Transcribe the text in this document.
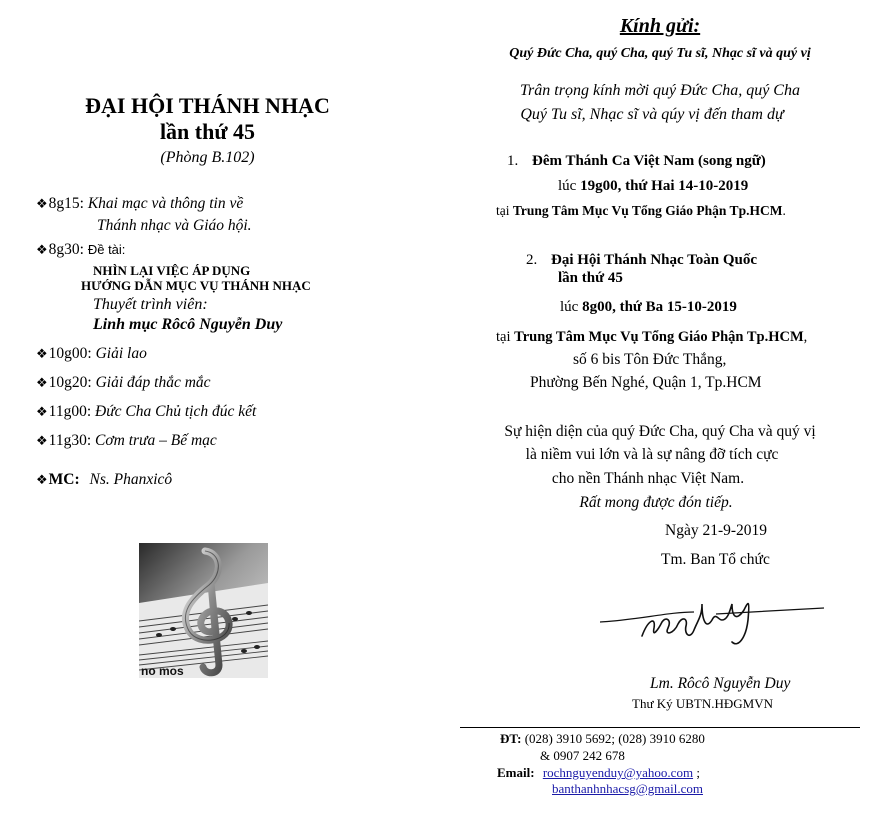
ĐẠI HỘI THÁNH NHẠC
lần thứ 45
(Phòng B.102)
❖8g15: Khai mạc và thông tin về
Thánh nhạc và Giáo hội.
❖8g30: Đề tài:
NHÌN LẠI VIỆC ÁP DỤNG
HƯỚNG DẪN MỤC VỤ THÁNH NHẠC
Thuyết trình viên:
Linh mục Rôcô Nguyễn Duy
❖10g00: Giải lao
❖10g20: Giải đáp thắc mắc
❖11g00: Đức Cha Chủ tịch đúc kết
❖11g30: Cơm trưa – Bế mạc
❖MC: Ns. Phanxicô
no mos
Kính gửi:
Quý Đức Cha, quý Cha, quý Tu sĩ, Nhạc sĩ và quý vị
Trân trọng kính mời quý Đức Cha, quý Cha
Quý Tu sĩ, Nhạc sĩ và qúy vị đến tham dự
1. Đêm Thánh Ca Việt Nam (song ngữ)
lúc 19g00, thứ Hai 14-10-2019
tại Trung Tâm Mục Vụ Tổng Giáo Phận Tp.HCM.
2. Đại Hội Thánh Nhạc Toàn Quốc
lần thứ 45
lúc 8g00, thứ Ba 15-10-2019
tại Trung Tâm Mục Vụ Tổng Giáo Phận Tp.HCM,
số 6 bis Tôn Đức Thắng,
Phường Bến Nghé, Quận 1, Tp.HCM
Sự hiện diện của quý Đức Cha, quý Cha và quý vị
là niềm vui lớn và là sự nâng đỡ tích cực
cho nền Thánh nhạc Việt Nam.
Rất mong được đón tiếp.
Ngày 21-9-2019
Tm. Ban Tổ chức
Lm. Rôcô Nguyễn Duy
Thư Ký UBTN.HĐGMVN
ĐT: (028) 3910 5692; (028) 3910 6280
& 0907 242 678
Email: rochnguyenduy@yahoo.com ;
banthanhnhacsg@gmail.com
